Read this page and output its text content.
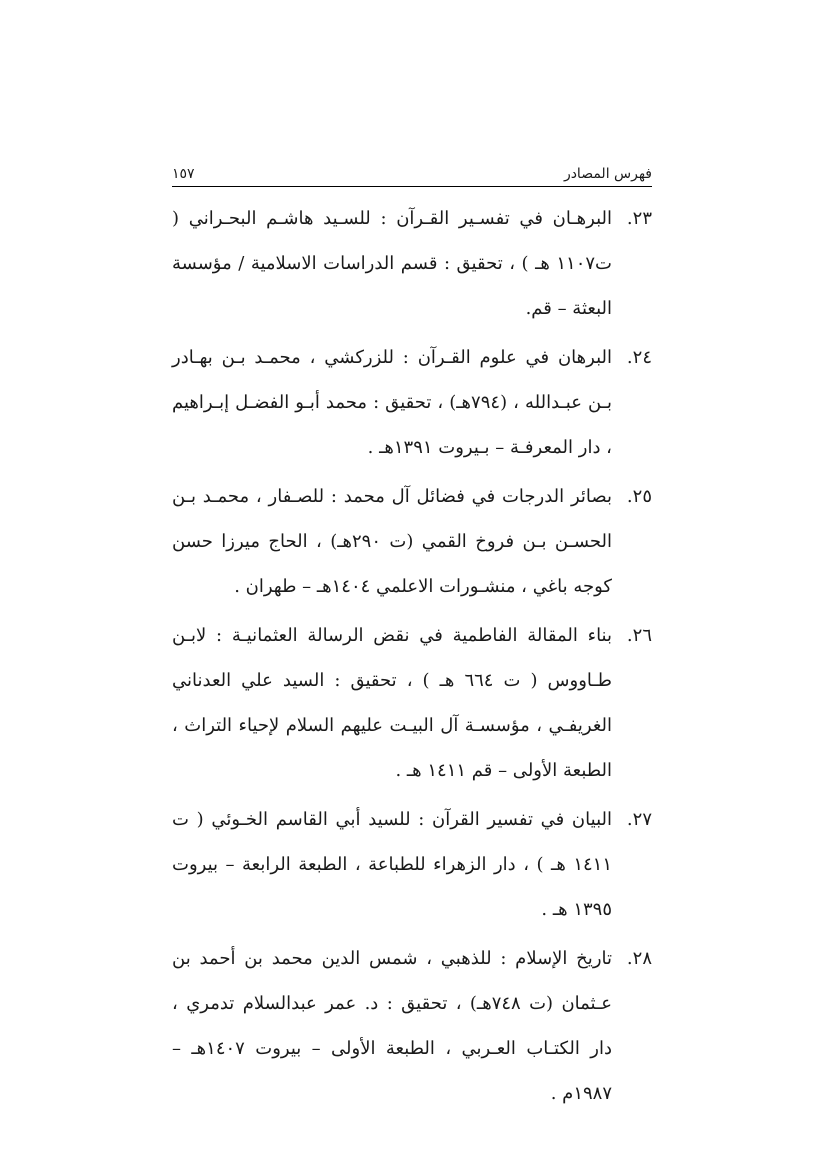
فهرس المصادر
١٥٧
٢٣.
البرهـان في تفسـير القـرآن : للسـيد هاشـم البحـراني ( ت١١٠٧ هـ ) ، تحقيق : قسم الدراسات الاسلامية / مؤسسة البعثة – قم.
٢٤.
البرهان في علوم القـرآن : للزركشي ، محمـد بـن بهـادر بـن عبـدالله ، (٧٩٤هـ) ، تحقيق : محمد أبـو الفضـل إبـراهيم ، دار المعرفـة – بـيروت ١٣٩١هـ .
٢٥.
بصائر الدرجات في فضائل آل محمد : للصـفار ، محمـد بـن الحسـن بـن فروخ القمي (ت ٢٩٠هـ) ، الحاج ميرزا حسن كوجه باغي ، منشـورات الاعلمي ١٤٠٤هـ – طهران .
٢٦.
بناء المقالة الفاطمية في نقض الرسالة العثمانيـة : لابـن طـاووس ( ت ٦٦٤ هـ ) ، تحقيق : السيد علي العدناني الغريفـي ، مؤسسـة آل البيـت عليهم السلام لإحياء التراث ، الطبعة الأولى – قم ١٤١١ هـ .
٢٧.
البيان في تفسير القرآن : للسيد أبي القاسم الخـوئي ( ت ١٤١١ هـ ) ، دار الزهراء للطباعة ، الطبعة الرابعة – بيروت ١٣٩٥ هـ .
٢٨.
تاريخ الإسلام : للذهبي ، شمس الدين محمد بن أحمد بن عـثمان (ت ٧٤٨هـ) ، تحقيق : د. عمر عبدالسلام تدمري ، دار الكتـاب العـربي ، الطبعة الأولى – بيروت ١٤٠٧هـ – ١٩٨٧م .
